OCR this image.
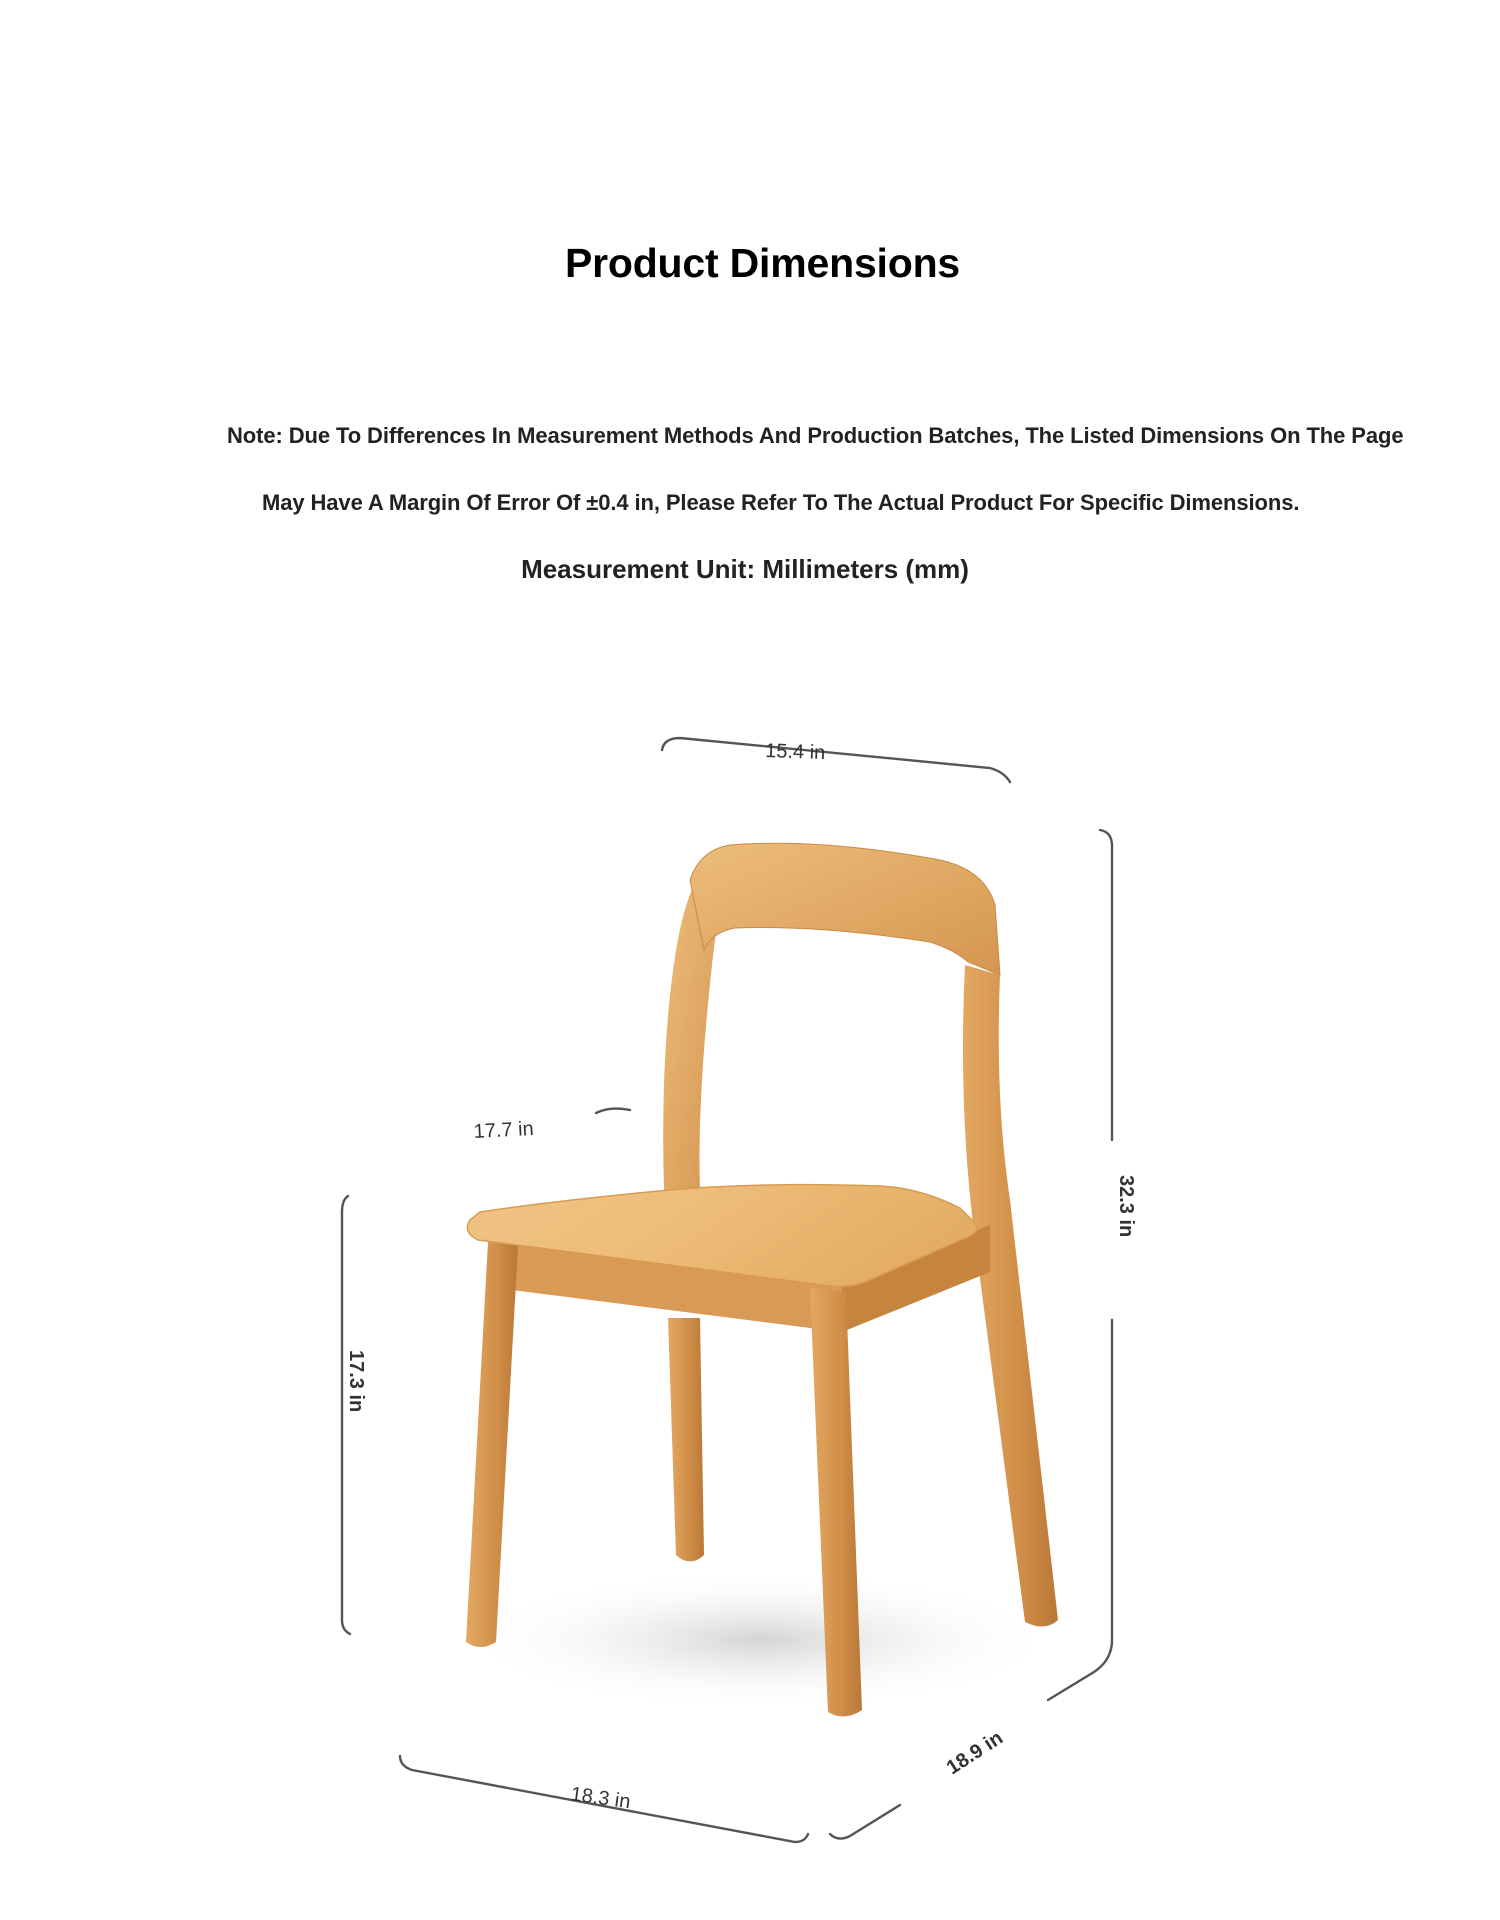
Product Dimensions
Note: Due To Differences In Measurement Methods And Production Batches, The Listed Dimensions On The Page
May Have A Margin Of Error Of ±0.4 in, Please Refer To The Actual Product For Specific Dimensions.
Measurement Unit: Millimeters (mm)
15.4 in
17.7 in
32.3 in
17.3 in
18.3 in
18.9 in
